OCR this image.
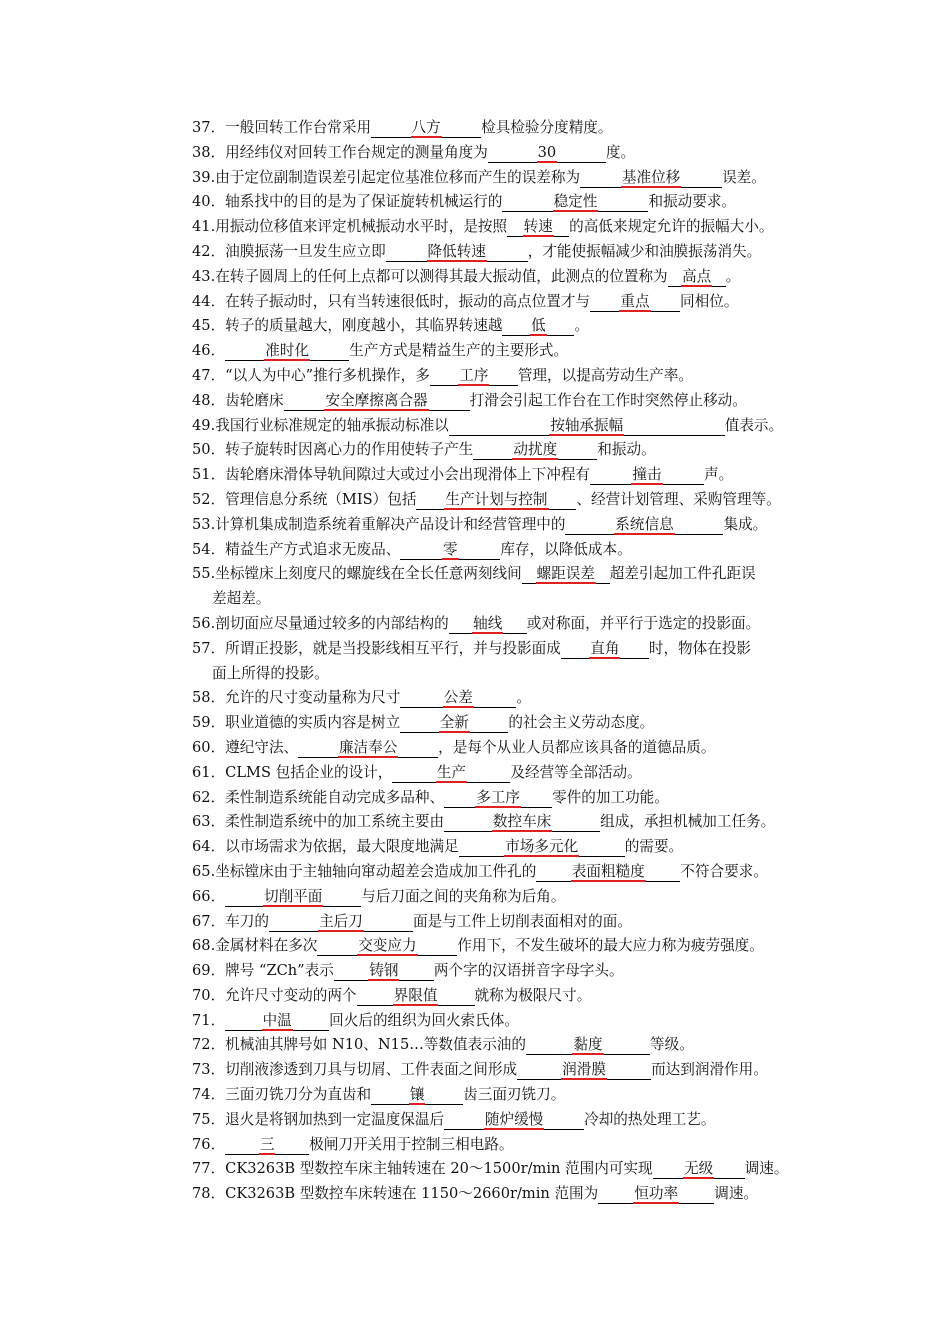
37．一般回转工作台常采用	八方	检具检验分度精度。
38．用经纬仪对回转工作台规定的测量角度为	30	度。
39.由于定位副制造误差引起定位基准位移而产生的误差称为	基准位移	误差。
40．轴系找中的目的是为了保证旋转机械运行的	稳定性	和振动要求。
41.用振动位移值来评定机械振动水平时，是按照 转速 的高低来规定允许的振幅大小。
42．油膜振荡一旦发生应立即	降低转速	，才能使振幅减少和油膜振荡消失。
43.在转子圆周上的任何上点都可以测得其最大振动值，此测点的位置称为 高点 。
44．在转子振动时，只有当转速很低时，振动的高点位置才与 重点 同相位。
45．转子的质量越大，刚度越小，其临界转速越 低 。
46．	准时化	生产方式是精益生产的主要形式。
47．“以人为中心”推行多机操作，多 工序 管理，以提高劳动生产率。
48．齿轮磨床	安全摩擦离合器	打滑会引起工作台在工作时突然停止移动。
49.我国行业标准规定的轴承振动标准以	按轴承振幅	值表示。
50．转子旋转时因离心力的作用使转子产生	动扰度	和振动。
51．齿轮磨床滑体导轨间隙过大或过小会出现滑体上下冲程有	撞击	声。
52．管理信息分系统（MIS）包括 生产计划与控制 、经营计划管理、采购管理等。
53.计算机集成制造系统着重解决产品设计和经营管理中的	系统信息	集成。
54．精益生产方式追求无废品、	零	库存，以降低成本。
55.坐标镗床上刻度尺的螺旋线在全长任意两刻线间 螺距误差 超差引起加工件孔距误
差超差。
56.剖切面应尽量通过较多的内部结构的 轴线 或对称面，并平行于选定的投影面。
57．所谓正投影，就是当投影线相互平行，并与投影面成 直角 时，物体在投影
面上所得的投影。
58．允许的尺寸变动量称为尺寸	公差	。
59．职业道德的实质内容是树立	全新	的社会主义劳动态度。
60．遵纪守法、	廉洁奉公	，是每个从业人员都应该具备的道德品质。
61．CLMS 包括企业的设计，	生产	及经营等全部活动。
62．柔性制造系统能自动完成多品种、 多工序 零件的加工功能。
63．柔性制造系统中的加工系统主要由	数控车床	组成，承担机械加工任务。
64．以市场需求为依据，最大限度地满足	市场多元化	的需要。
65.坐标镗床由于主轴轴向窜动超差会造成加工件孔的 表面粗糙度 不符合要求。
66．	切削平面	与后刀面之间的夹角称为后角。
67．车刀的	主后刀	面是与工件上切削表面相对的面。
68.金属材料在多次	交变应力	作用下，不发生破坏的最大应力称为疲劳强度。
69．牌号 “ZCh”表示 铸钢 两个字的汉语拼音字母字头。
70．允许尺寸变动的两个	界限值	就称为极限尺寸。
71．	中温	回火后的组织为回火索氏体。
72．机械油其牌号如 N10、N15…等数值表示油的	黏度	等级。
73．切削液渗透到刀具与切屑、工件表面之间形成	润滑膜	而达到润滑作用。
74．三面刃铣刀分为直齿和	镶	齿三面刃铣刀。
75．退火是将钢加热到一定温度保温后	随炉缓慢	冷却的热处理工艺。
76． 三 极闸刀开关用于控制三相电路。
77．CK3263B 型数控车床主轴转速在 20～1500r/min 范围内可实现 无级 调速。
78．CK3263B 型数控车床转速在 1150～2660r/min 范围为 恒功率 调速。
